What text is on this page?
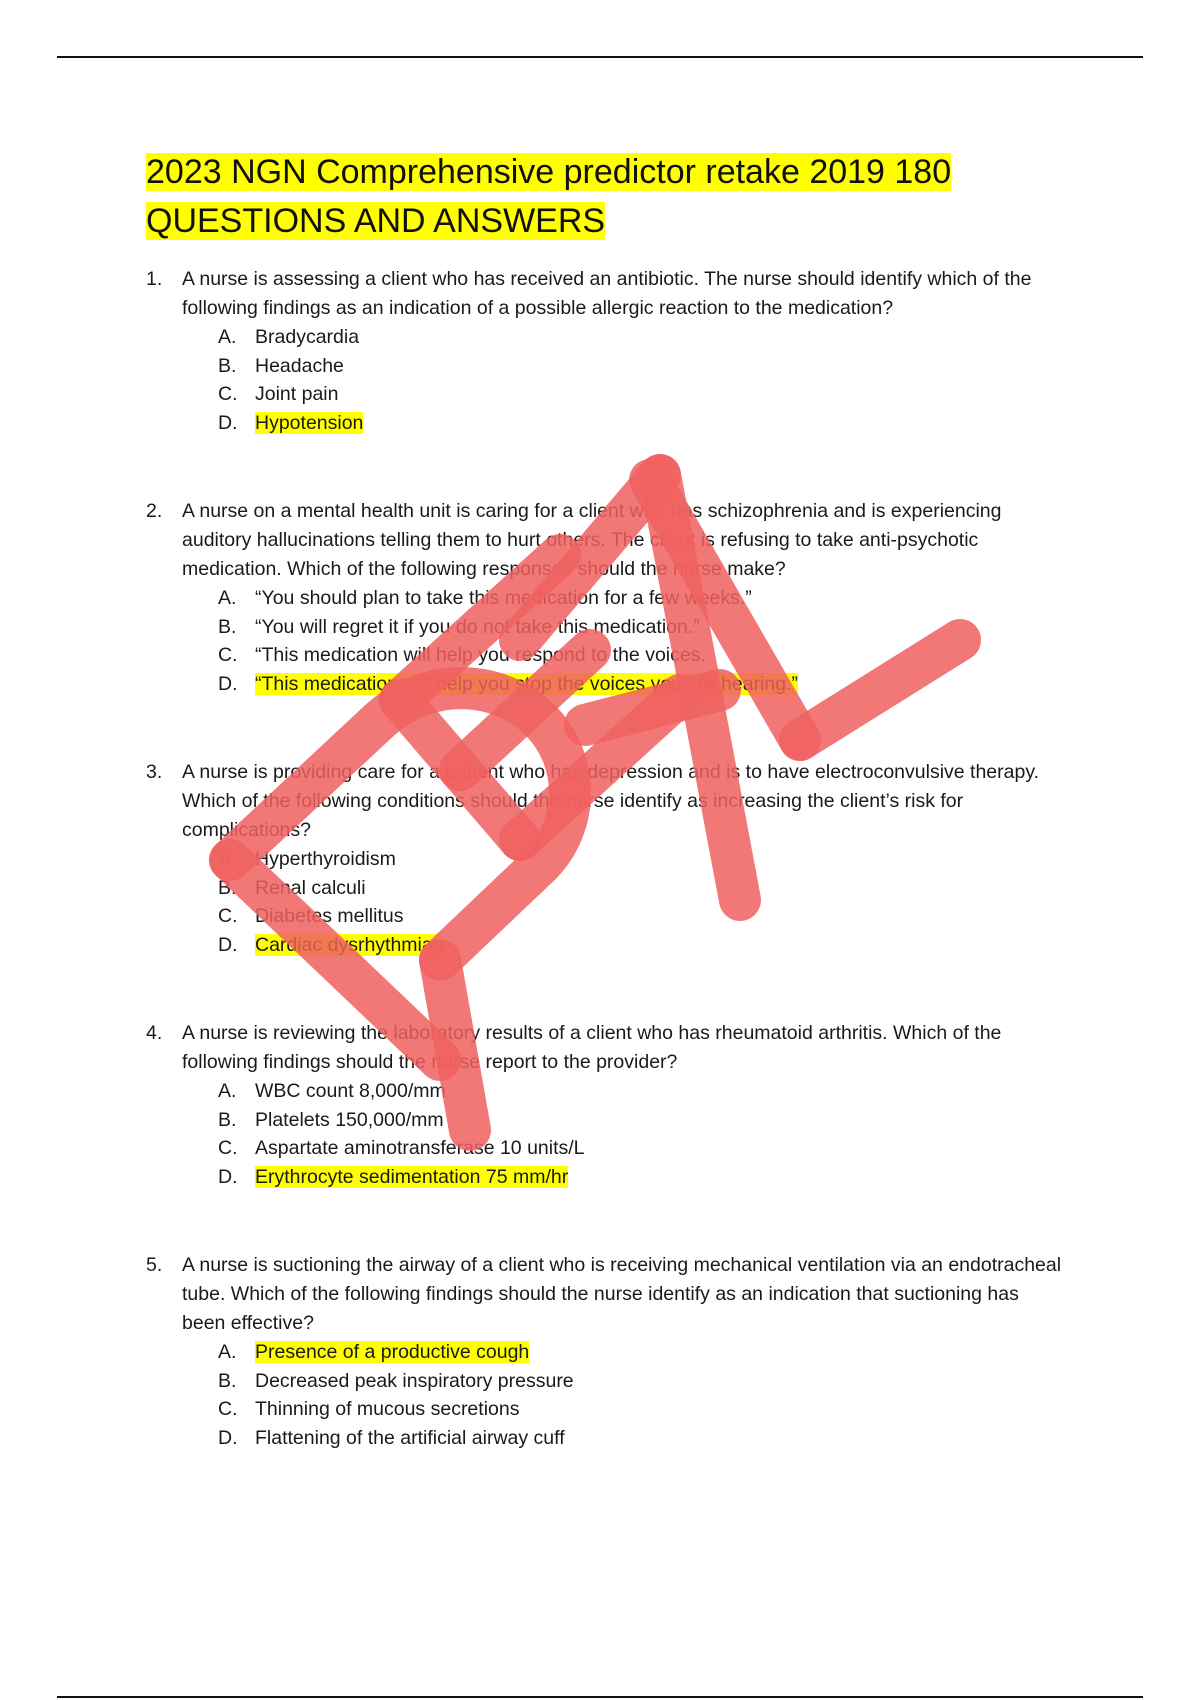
2023 NGN Comprehensive predictor retake 2019 180
QUESTIONS AND ANSWERS
1. A nurse is assessing a client who has received an antibiotic. The nurse should identify which of the following findings as an indication of a possible allergic reaction to the medication?
A. Bradycardia
B. Headache
C. Joint pain
D. Hypotension
2. A nurse on a mental health unit is caring for a client who has schizophrenia and is experiencing auditory hallucinations telling them to hurt others. The client is refusing to take anti-psychotic medication. Which of the following responses should the nurse make?
A. “You should plan to take this medication for a few weeks.”
B. “You will regret it if you do not take this medication.”
C. “This medication will help you respond to the voices.
D. “This medication will help you stop the voices you are hearing.”
3. A nurse is providing care for a patient who has depression and is to have electroconvulsive therapy. Which of the following conditions should the nurse identify as increasing the client’s risk for complications?
A. Hyperthyroidism
B. Renal calculi
C. Diabetes mellitus
D. Cardiac dysrhythmias
4. A nurse is reviewing the laboratory results of a client who has rheumatoid arthritis. Which of the following findings should the nurse report to the provider?
A. WBC count 8,000/mm
B. Platelets 150,000/mm
C. Aspartate aminotransferase 10 units/L
D. Erythrocyte sedimentation 75 mm/hr
5. A nurse is suctioning the airway of a client who is receiving mechanical ventilation via an endotracheal tube. Which of the following findings should the nurse identify as an indication that suctioning has been effective?
A. Presence of a productive cough
B. Decreased peak inspiratory pressure
C. Thinning of mucous secretions
D. Flattening of the artificial airway cuff
